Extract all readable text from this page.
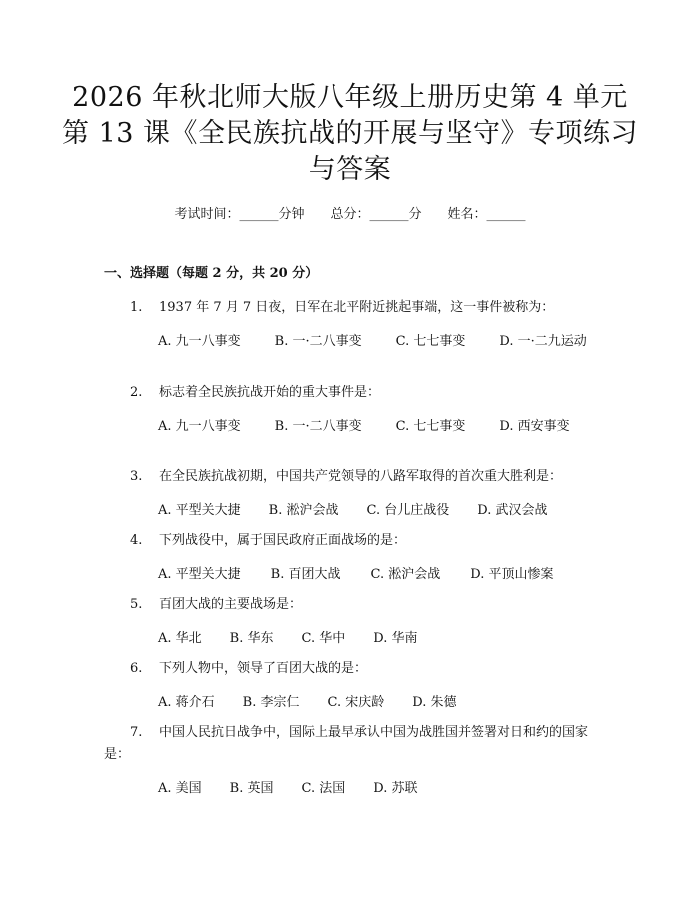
2026 年秋北师大版八年级上册历史第 4 单元第 13 课《全民族抗战的开展与坚守》专项练习与答案
考试时间：______分钟 总分：______分 姓名：______
一、选择题（每题 2 分，共 20 分）

1. 1937 年 7 月 7 日夜，日军在北平附近挑起事端，这一事件被称为：

A. 九一八事变	B. 一·二八事变	C. 七七事变	D. 一·二九运动

2. 标志着全民族抗战开始的重大事件是：

A. 九一八事变	B. 一·二八事变	C. 七七事变	D. 西安事变

3. 在全民族抗战初期，中国共产党领导的八路军取得的首次重大胜利是：

A. 平型关大捷 B. 淞沪会战 C. 台儿庄战役 D. 武汉会战

4. 下列战役中，属于国民政府正面战场的是：

A. 平型关大捷 B. 百团大战 C. 淞沪会战 D. 平顶山惨案

5. 百团大战的主要战场是：

A. 华北 B. 华东 C. 华中 D. 华南

6. 下列人物中，领导了百团大战的是：

A. 蒋介石 B. 李宗仁 C. 宋庆龄 D. 朱德

7. 中国人民抗日战争中，国际上最早承认中国为战胜国并签署对日和约的国家是：

A. 美国 B. 英国 C. 法国 D. 苏联
